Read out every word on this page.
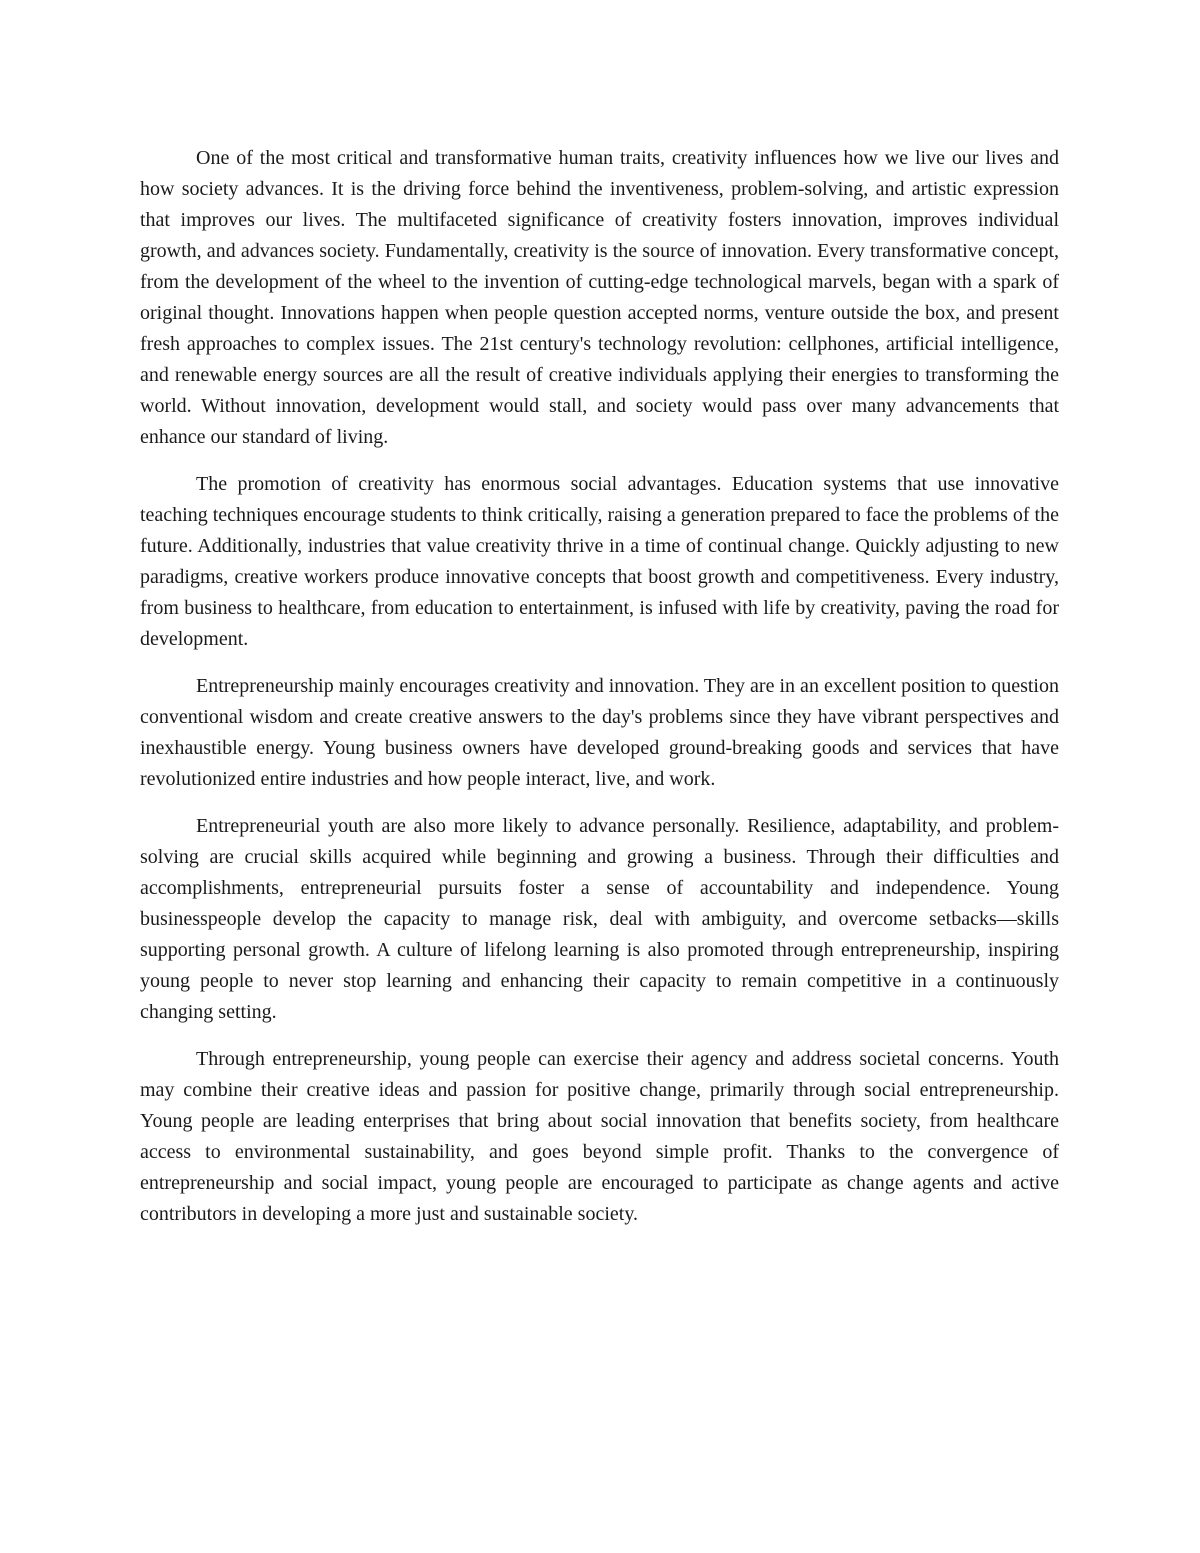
One of the most critical and transformative human traits, creativity influences how we live our lives and how society advances. It is the driving force behind the inventiveness, problem-solving, and artistic expression that improves our lives. The multifaceted significance of creativity fosters innovation, improves individual growth, and advances society. Fundamentally, creativity is the source of innovation. Every transformative concept, from the development of the wheel to the invention of cutting-edge technological marvels, began with a spark of original thought. Innovations happen when people question accepted norms, venture outside the box, and present fresh approaches to complex issues. The 21st century's technology revolution: cellphones, artificial intelligence, and renewable energy sources are all the result of creative individuals applying their energies to transforming the world. Without innovation, development would stall, and society would pass over many advancements that enhance our standard of living.

The promotion of creativity has enormous social advantages. Education systems that use innovative teaching techniques encourage students to think critically, raising a generation prepared to face the problems of the future. Additionally, industries that value creativity thrive in a time of continual change. Quickly adjusting to new paradigms, creative workers produce innovative concepts that boost growth and competitiveness. Every industry, from business to healthcare, from education to entertainment, is infused with life by creativity, paving the road for development.

Entrepreneurship mainly encourages creativity and innovation. They are in an excellent position to question conventional wisdom and create creative answers to the day's problems since they have vibrant perspectives and inexhaustible energy. Young business owners have developed ground-breaking goods and services that have revolutionized entire industries and how people interact, live, and work.

Entrepreneurial youth are also more likely to advance personally. Resilience, adaptability, and problem-solving are crucial skills acquired while beginning and growing a business. Through their difficulties and accomplishments, entrepreneurial pursuits foster a sense of accountability and independence. Young businesspeople develop the capacity to manage risk, deal with ambiguity, and overcome setbacks—skills supporting personal growth. A culture of lifelong learning is also promoted through entrepreneurship, inspiring young people to never stop learning and enhancing their capacity to remain competitive in a continuously changing setting.

Through entrepreneurship, young people can exercise their agency and address societal concerns. Youth may combine their creative ideas and passion for positive change, primarily through social entrepreneurship. Young people are leading enterprises that bring about social innovation that benefits society, from healthcare access to environmental sustainability, and goes beyond simple profit. Thanks to the convergence of entrepreneurship and social impact, young people are encouraged to participate as change agents and active contributors in developing a more just and sustainable society.
